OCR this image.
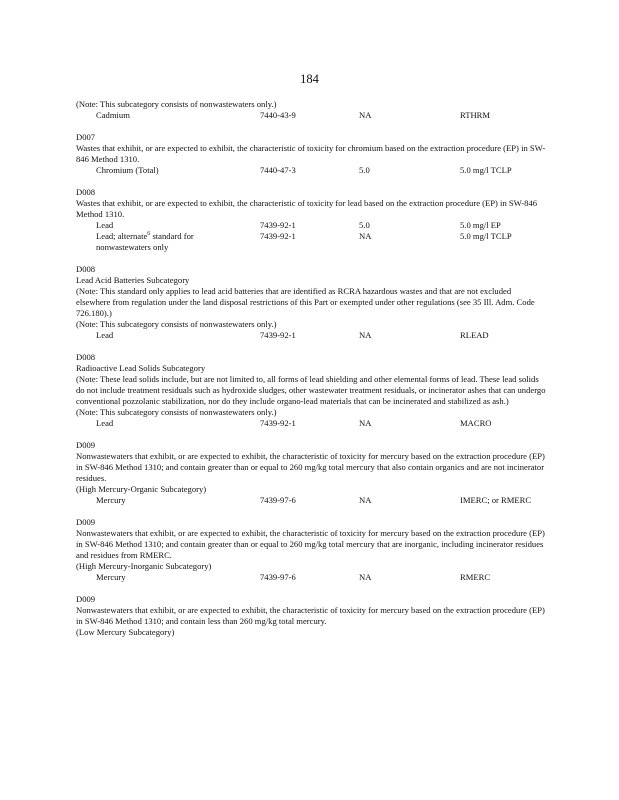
184
(Note: This subcategory consists of nonwastewaters only.)
Cadmium	7440-43-9	NA	RTHRM
D007
Wastes that exhibit, or are expected to exhibit, the characteristic of toxicity for chromium based on the extraction procedure (EP) in SW-846 Method 1310.
Chromium (Total)	7440-47-3	5.0	5.0 mg/l TCLP
D008
Wastes that exhibit, or are expected to exhibit, the characteristic of toxicity for lead based on the extraction procedure (EP) in SW-846 Method 1310.
Lead	7439-92-1	5.0	5.0 mg/l EP
Lead; alternate$^6$ standard for	7439-92-1	NA	5.0 mg/l TCLP
nonwastewaters only
D008
Lead Acid Batteries Subcategory
(Note: This standard only applies to lead acid batteries that are identified as RCRA hazardous wastes and that are not excluded elsewhere from regulation under the land disposal restrictions of this Part or exempted under other regulations (see 35 Ill. Adm. Code 726.180).)
(Note: This subcategory consists of nonwastewaters only.)
Lead	7439-92-1	NA	RLEAD
D008
Radioactive Lead Solids Subcategory
(Note: These lead solids include, but are not limited to, all forms of lead shielding and other elemental forms of lead. These lead solids do not include treatment residuals such as hydroxide sludges, other wastewater treatment residuals, or incinerator ashes that can undergo conventional pozzolanic stabilization, nor do they include organo-lead materials that can be incinerated and stabilized as ash.)
(Note: This subcategory consists of nonwastewaters only.)
Lead	7439-92-1	NA	MACRO
D009
Nonwastewaters that exhibit, or are expected to exhibit, the characteristic of toxicity for mercury based on the extraction procedure (EP) in SW-846 Method 1310; and contain greater than or equal to 260 mg/kg total mercury that also contain organics and are not incinerator residues.
(High Mercury-Organic Subcategory)
Mercury	7439-97-6	NA	IMERC; or RMERC
D009
Nonwastewaters that exhibit, or are expected to exhibit, the characteristic of toxicity for mercury based on the extraction procedure (EP) in SW-846 Method 1310; and contain greater than or equal to 260 mg/kg total mercury that are inorganic, including incinerator residues and residues from RMERC.
(High Mercury-Inorganic Subcategory)
Mercury	7439-97-6	NA	RMERC
D009
Nonwastewaters that exhibit, or are expected to exhibit, the characteristic of toxicity for mercury based on the extraction procedure (EP) in SW-846 Method 1310; and contain less than 260 mg/kg total mercury.
(Low Mercury Subcategory)
